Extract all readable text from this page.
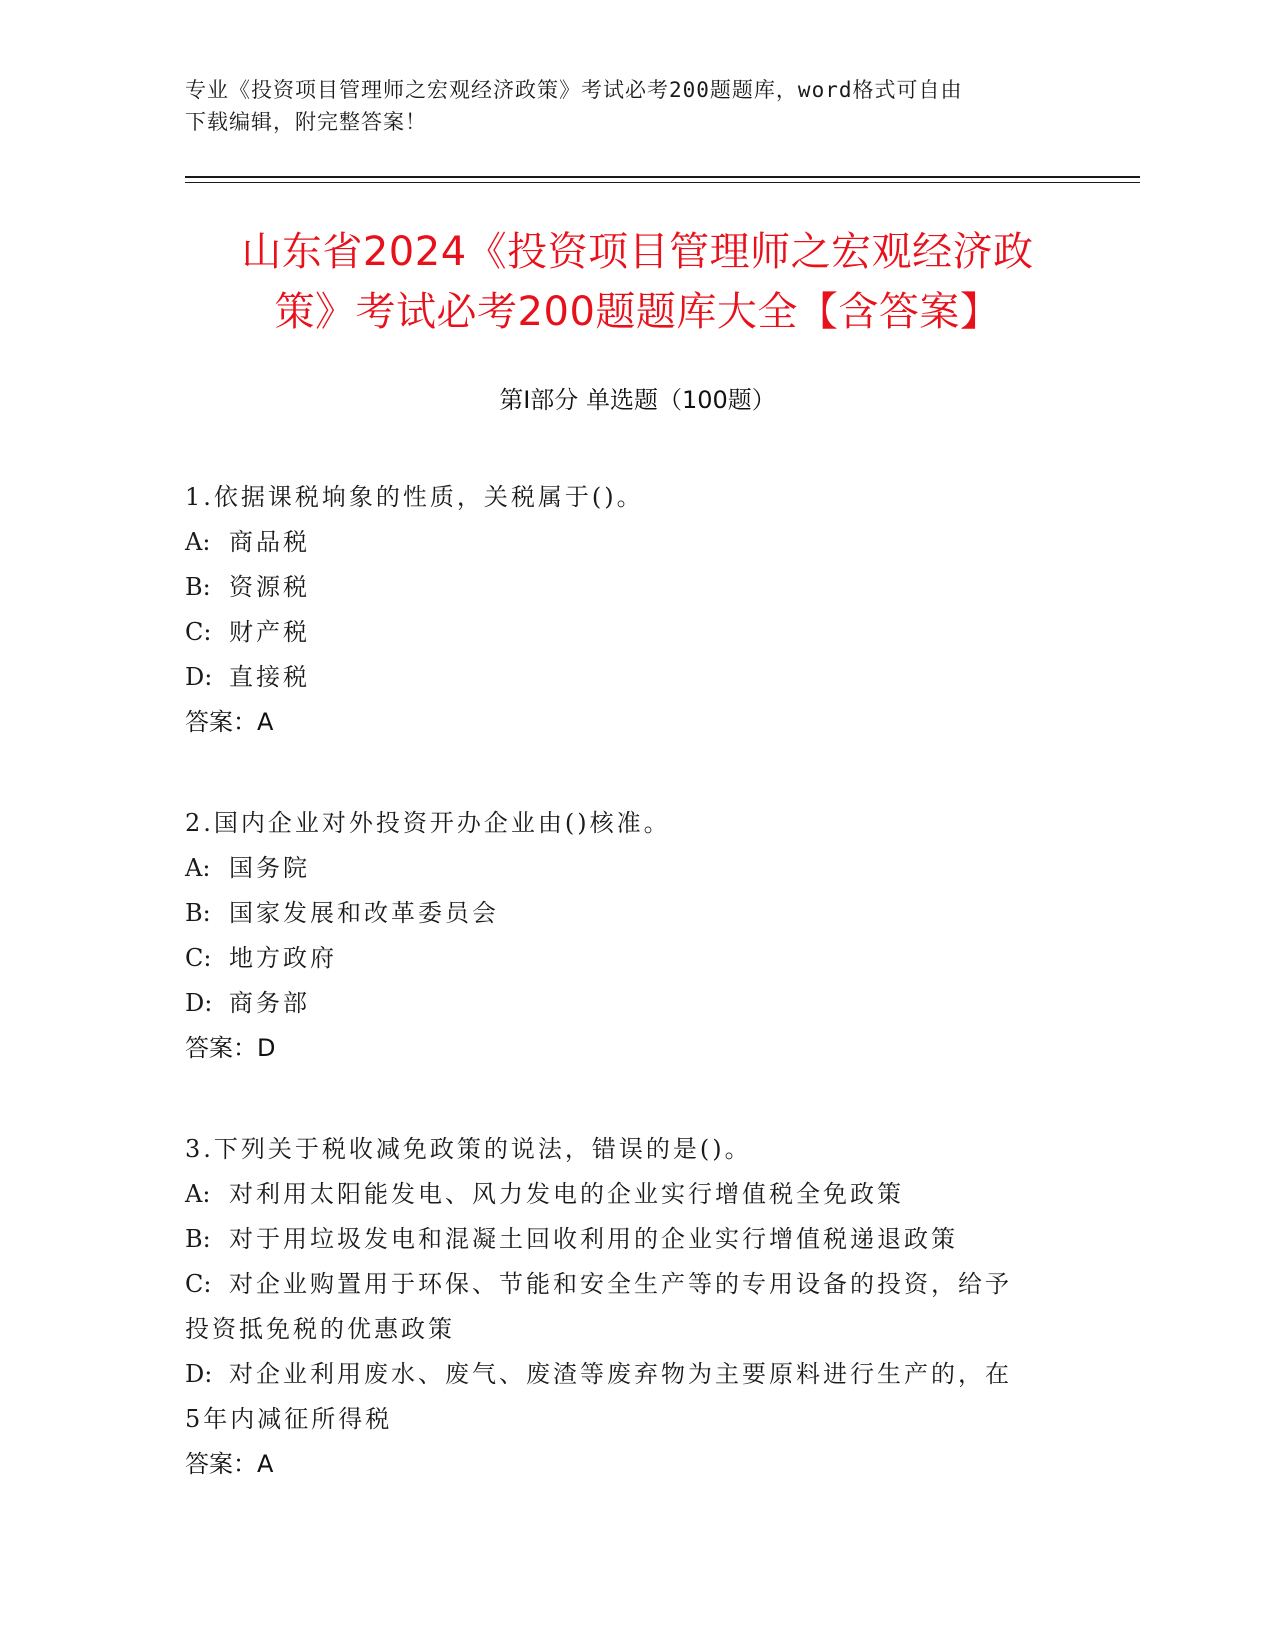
专业《投资项目管理师之宏观经济政策》考试必考200题题库，word格式可自由
下载编辑，附完整答案！
山东省2024《投资项目管理师之宏观经济政
策》考试必考200题题库大全【含答案】
第Ⅰ部分 单选题（100题）
1.依据课税垧象的性质，关税属于()。
A: 商品税
B: 资源税
C: 财产税
D: 直接税
答案：A
2.国内企业对外投资开办企业由()核准。
A: 国务院
B: 国家发展和改革委员会
C: 地方政府
D: 商务部
答案：D
3.下列关于税收减免政策的说法，错误的是()。
A: 对利用太阳能发电、风力发电的企业实行增值税全免政策
B: 对于用垃圾发电和混凝土回收利用的企业实行增值税递退政策
C: 对企业购置用于环保、节能和安全生产等的专用设备的投资，给予
投资抵免税的优惠政策
D: 对企业利用废水、废气、废渣等废弃物为主要原料进行生产的，在
5年内减征所得税
答案：A
